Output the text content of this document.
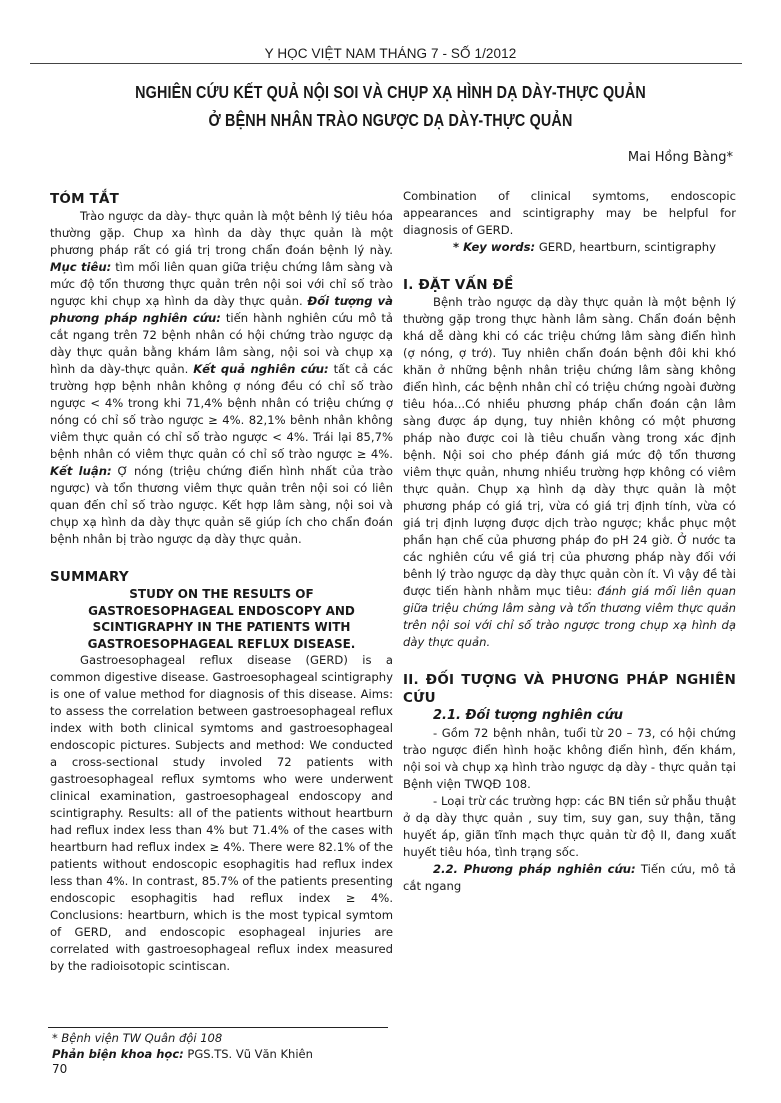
Y HỌC VIỆT NAM THÁNG 7 - SỐ 1/2012
NGHIÊN CỨU KẾT QUẢ NỘI SOI VÀ CHỤP XẠ HÌNH DẠ DÀY-THỰC QUẢN
Ở BỆNH NHÂN TRÀO NGƯỢC DẠ DÀY-THỰC QUẢN
Mai Hồng Bàng*
TÓM TẮT

Trào ngược da dày- thực quản là một bênh lý tiêu hóa thường gặp. Chup xa hình da dày thực quản là một phương pháp rất có giá trị trong chẩn đoán bệnh lý này. Mục tiêu: tìm mối liên quan giữa triệu chứng lâm sàng và mức độ tổn thương thực quản trên nội soi với chỉ số trào ngược khi chụp xạ hình da dày thực quản. Đối tượng và phương pháp nghiên cứu: tiến hành nghiên cứu mô tả cắt ngang trên 72 bệnh nhân có hội chứng trào ngược dạ dày thực quản bằng khám lâm sàng, nội soi và chụp xạ hình da dày-thực quản. Kết quả nghiên cứu: tất cả các trường hợp bệnh nhân không ợ nóng đều có chỉ số trào ngược < 4% trong khi 71,4% bệnh nhân có triệu chứng ợ nóng có chỉ số trào ngược ≥ 4%. 82,1% bênh nhân không viêm thực quản có chỉ số trào ngược < 4%. Trái lại 85,7% bệnh nhân có viêm thực quản có chỉ số trào ngược ≥ 4%. Kết luận: Ợ nóng (triệu chứng điển hình nhất của trào ngược) và tổn thương viêm thực quản trên nội soi có liên quan đến chỉ số trào ngược. Kết hợp lâm sàng, nội soi và chụp xạ hình da dày thực quản sẽ giúp ích cho chẩn đoán bệnh nhân bị trào ngược dạ dày thực quản.

SUMMARY
STUDY ON THE RESULTS OF
GASTROESOPHAGEAL ENDOSCOPY AND
SCINTIGRAPHY IN THE PATIENTS WITH
GASTROESOPHAGEAL REFLUX DISEASE.

Gastroesophageal reflux disease (GERD) is a common digestive disease. Gastroesophageal scintigraphy is one of value method for diagnosis of this disease. Aims: to assess the correlation between gastroesophageal reflux index with both clinical symtoms and gastroesophageal endoscopic pictures. Subjects and method: We conducted a cross-sectional study involed 72 patients with gastroesophageal reflux symtoms who were underwent clinical examination, gastroesophageal endoscopy and scintigraphy. Results: all of the patients without heartburn had reflux index less than 4% but 71.4% of the cases with heartburn had reflux index ≥ 4%. There were 82.1% of the patients without endoscopic esophagitis had reflux index less than 4%. In contrast, 85.7% of the patients presenting endoscopic esophagitis had reflux index ≥ 4%. Conclusions: heartburn, which is the most typical symtom of GERD, and endoscopic esophageal injuries are correlated with gastroesophageal reflux index measured by the radioisotopic scintiscan.

* Bệnh viện TW Quân đội 108
Phản biện khoa học: PGS.TS. Vũ Văn Khiên
70

Combination of clinical symtoms, endoscopic appearances and scintigraphy may be helpful for diagnosis of GERD.

* Key words: GERD, heartburn, scintigraphy

I. ĐẶT VẤN ĐỀ

Bệnh trào ngược dạ dày thực quản là một bệnh lý thường gặp trong thực hành lâm sàng. Chẩn đoán bệnh khá dễ dàng khi có các triệu chứng lâm sàng điển hình (ợ nóng, ợ trớ). Tuy nhiên chẩn đoán bệnh đôi khi khó khăn ở những bệnh nhân triệu chứng lâm sàng không điển hình, các bệnh nhân chỉ có triệu chứng ngoài đường tiêu hóa...Có nhiều phương pháp chẩn đoán cận lâm sàng được áp dụng, tuy nhiên không có một phương pháp nào được coi là tiêu chuẩn vàng trong xác định bệnh. Nội soi cho phép đánh giá mức độ tổn thương viêm thực quản, nhưng nhiều trường hợp không có viêm thực quản. Chụp xạ hình dạ dày thực quản là một phương pháp có giá trị, vừa có giá trị định tính, vừa có giá trị định lượng được dịch trào ngược; khắc phục một phần hạn chế của phương pháp đo pH 24 giờ. Ở nước ta các nghiên cứu về giá trị của phương pháp này đối với bênh lý trào ngược dạ dày thực quản còn ít. Vì vậy đề tài được tiến hành nhằm mục tiêu: đánh giá mối liên quan giữa triệu chứng lâm sàng và tổn thương viêm thực quản trên nội soi với chỉ số trào ngược trong chụp xạ hình dạ dày thực quản.

II. ĐỐI TƯỢNG VÀ PHƯƠNG PHÁP NGHIÊN CỨU
2.1. Đối tượng nghiên cứu

- Gồm 72 bệnh nhân, tuổi từ 20 – 73, có hội chứng trào ngược điển hình hoặc không điển hình, đến khám, nội soi và chụp xạ hình trào ngược dạ dày - thực quản tại Bệnh viện TWQĐ 108.

- Loại trừ các trường hợp: các BN tiền sử phẫu thuật ở dạ dày thực quản , suy tim, suy gan, suy thận, tăng huyết áp, giãn tĩnh mạch thực quản từ độ II, đang xuất huyết tiêu hóa, tình trạng sốc.

2.2. Phương pháp nghiên cứu: Tiến cứu, mô tả cắt ngang
